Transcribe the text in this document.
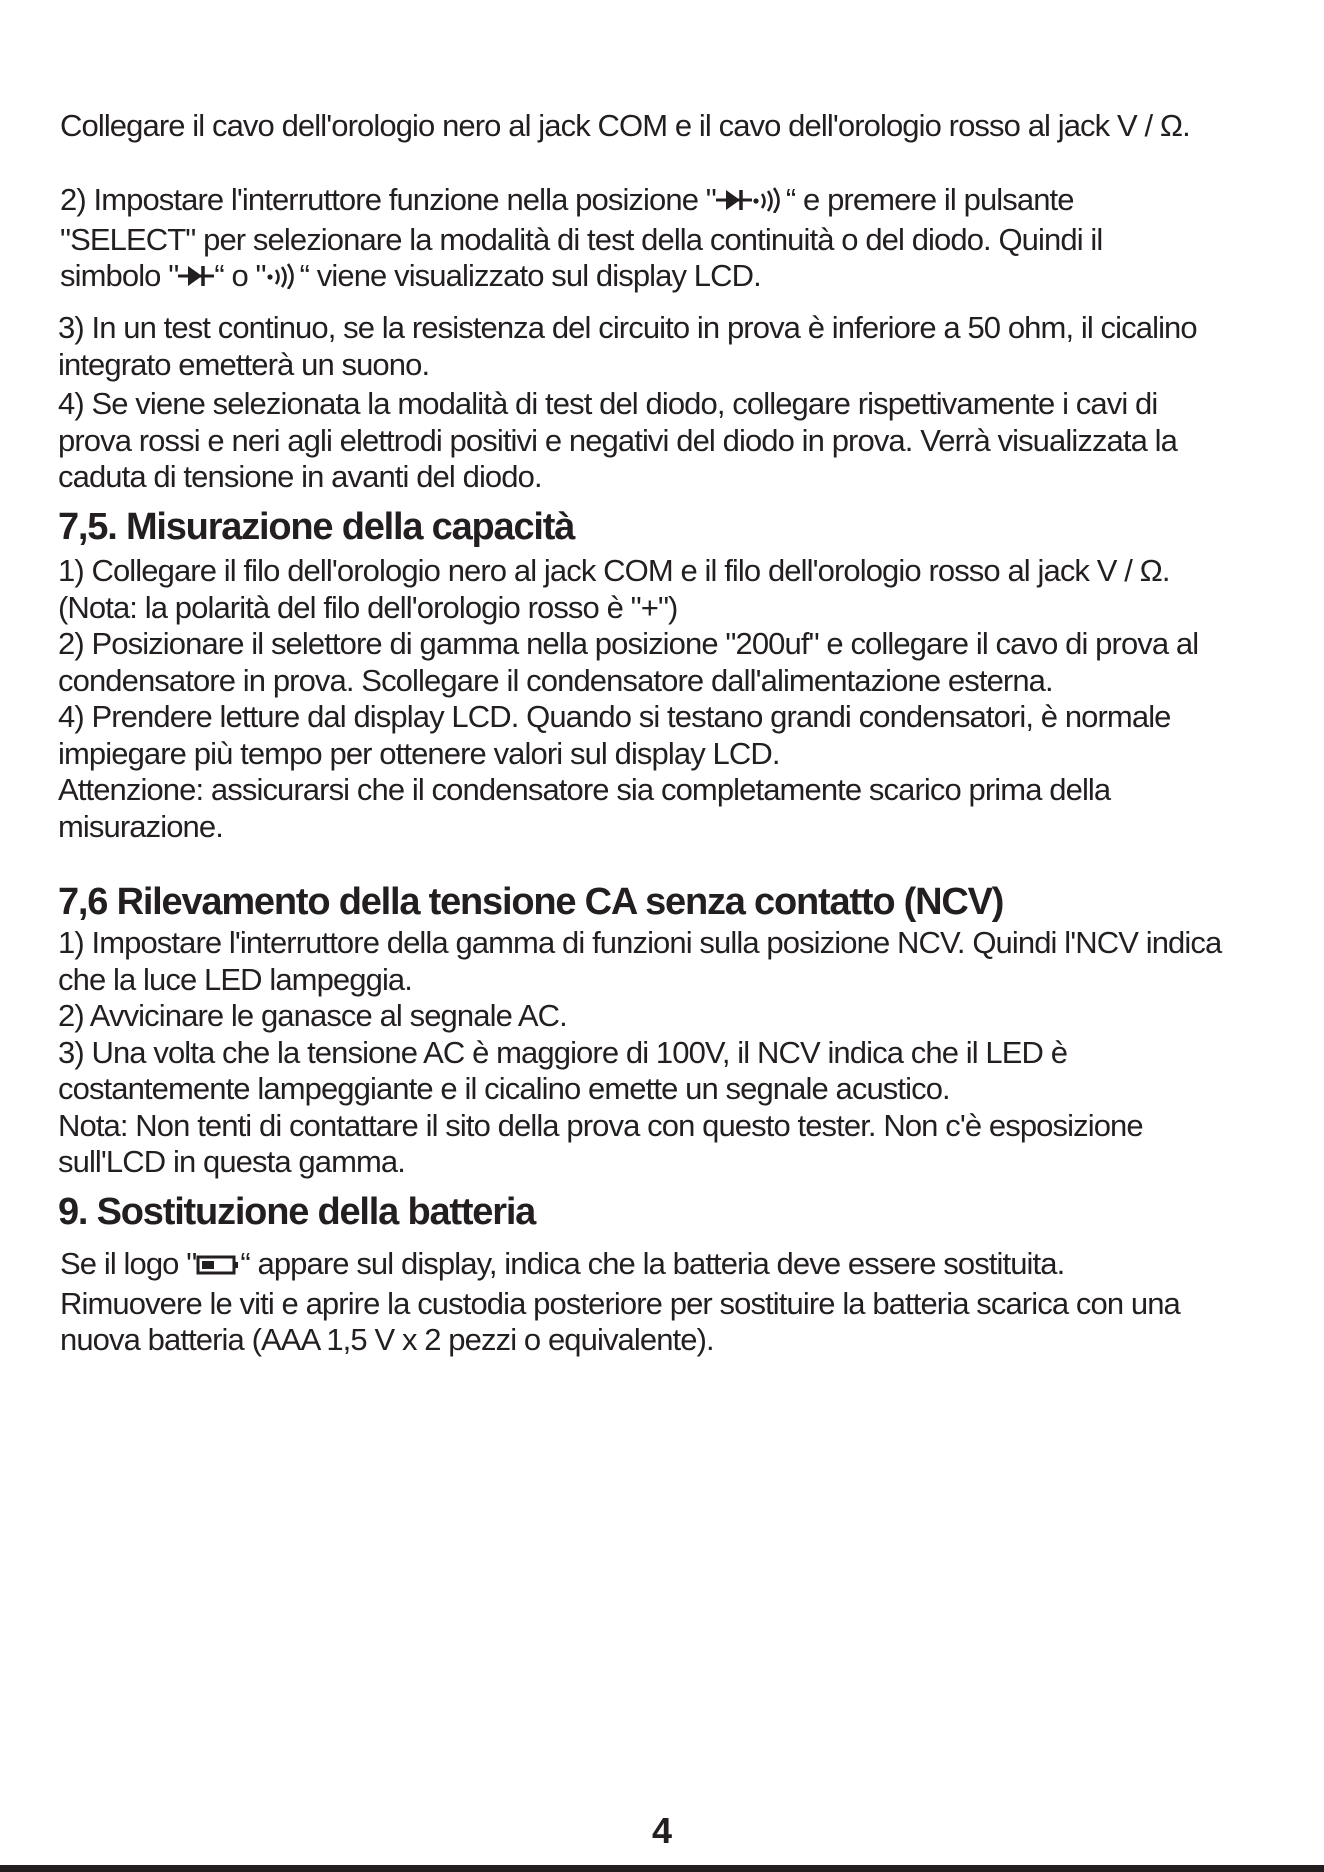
Collegare il cavo dell'orologio nero al jack COM e il cavo dell'orologio rosso al jack V / Ω.

2) Impostare l'interruttore funzione nella posizione " “ e premere il pulsante "SELECT" per selezionare la modalità di test della continuità o del diodo. Quindi il simbolo " “ o " “ viene visualizzato sul display LCD.

3) In un test continuo, se la resistenza del circuito in prova è inferiore a 50 ohm, il cicalino integrato emetterà un suono.

4) Se viene selezionata la modalità di test del diodo, collegare rispettivamente i cavi di prova rossi e neri agli elettrodi positivi e negativi del diodo in prova. Verrà visualizzata la caduta di tensione in avanti del diodo.

7,5. Misurazione della capacità

1) Collegare il filo dell'orologio nero al jack COM e il filo dell'orologio rosso al jack V / Ω. (Nota: la polarità del filo dell'orologio rosso è "+")
2) Posizionare il selettore di gamma nella posizione "200uf" e collegare il cavo di prova al condensatore in prova. Scollegare il condensatore dall'alimentazione esterna.
4) Prendere letture dal display LCD. Quando si testano grandi condensatori, è normale impiegare più tempo per ottenere valori sul display LCD.
Attenzione: assicurarsi che il condensatore sia completamente scarico prima della misurazione.

7,6 Rilevamento della tensione CA senza contatto (NCV)

1) Impostare l'interruttore della gamma di funzioni sulla posizione NCV. Quindi l'NCV indica che la luce LED lampeggia.
2) Avvicinare le ganasce al segnale AC.
3) Una volta che la tensione AC è maggiore di 100V, il NCV indica che il LED è costantemente lampeggiante e il cicalino emette un segnale acustico.
Nota: Non tenti di contattare il sito della prova con questo tester. Non c'è esposizione sull'LCD in questa gamma.

9. Sostituzione della batteria

Se il logo " “ appare sul display, indica che la batteria deve essere sostituita.
Rimuovere le viti e aprire la custodia posteriore per sostituire la batteria scarica con una nuova batteria (AAA 1,5 V x 2 pezzi o equivalente).

4
